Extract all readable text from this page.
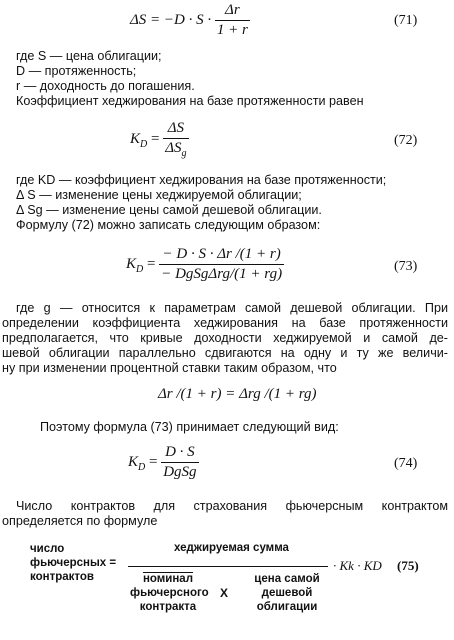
$\Delta S = -D \cdot S \cdot \frac{\Delta r}{1 + r}$	(71)
где S — цена облигации;
D — протяженность;
r — доходность до погашения.
Коэффициент хеджирования на базе протяженности равен
$K_D = \frac{\Delta S}{\Delta S_g}$	(72)
где KD — коэффициент хеджирования на базе протяженности;
Δ S — изменение цены хеджируемой облигации;
Δ Sg — изменение цены самой дешевой облигации.
Формулу (72) можно записать следующим образом:
$K_D = \frac{- D \cdot S \cdot \Delta r /(1 + r)}{\text{− DgSgΔrg/(1 + rg)}}$	(73)
где g — относится к параметрам самой дешевой облигации. При
определении коэффициента хеджирования на базе протяженности
предполагается, что кривые доходности хеджируемой и самой де-
шевой облигации параллельно сдвигаются на одну и ту же величи-
ну при изменении процентной ставки таким образом, что
Δr /(1 + r) = Δrg /(1 + rg)
Поэтому формула (73) принимает следующий вид:
$K_D = \frac{D \cdot S}{\text{DgSg}}$	(74)
Число контрактов для страхования фьючерсным контрактом
определяется по формуле
число
фьючерсных =
контрактов
хеджируемая сумма
номинал
фьючерсного
контракта
X
цена самой
дешевой
облигации
· Kk · KD (75)
